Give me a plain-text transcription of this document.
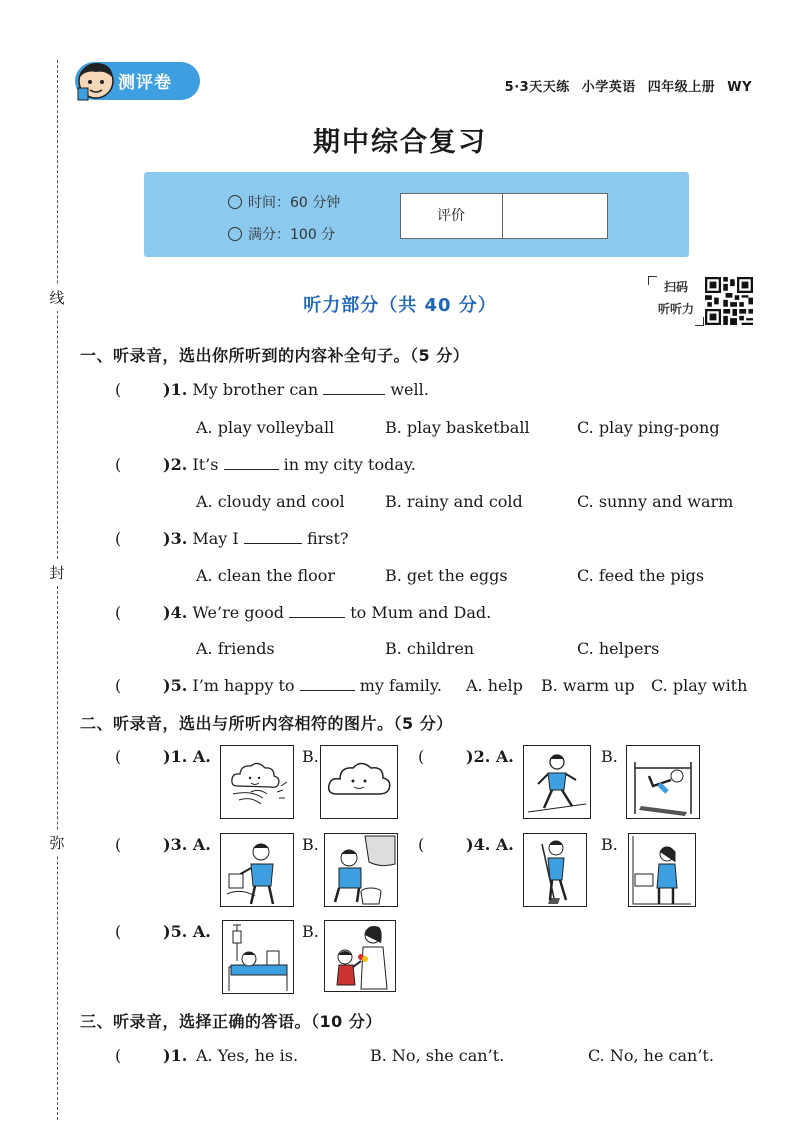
线
封
弥
测评卷	5·3天天练 小学英语 四年级上册 WY
期中综合复习
时间：60 分钟
满分：100 分
评价
听力部分（共 40 分）
扫码
听听力
一、听录音，选出你所听到的内容补全句子。（5 分）
(	)1. My brother can	well.
A. play volleyball	B. play basketball	C. play ping-pong
(	)2. It’s	in my city today.
A. cloudy and cool	B. rainy and cold	C. sunny and warm
(	)3. May I	first?
A. clean the floor	B. get the eggs	C. feed the pigs
(	)4. We’re good	to Mum and Dad.
A. friends	B. children	C. helpers
(	)5. I’m happy to	my family. A. help B. warm up C. play with
二、听录音，选出与所听内容相符的图片。（5 分）
(	)1. A.	B.	(	)2. A.	B.
(	)3. A.	B.	(	)4. A.	B.
(	)5. A.	B.
三、听录音，选择正确的答语。（10 分）
(	)1. A. Yes, he is.	B. No, she can’t.	C. No, he can’t.
